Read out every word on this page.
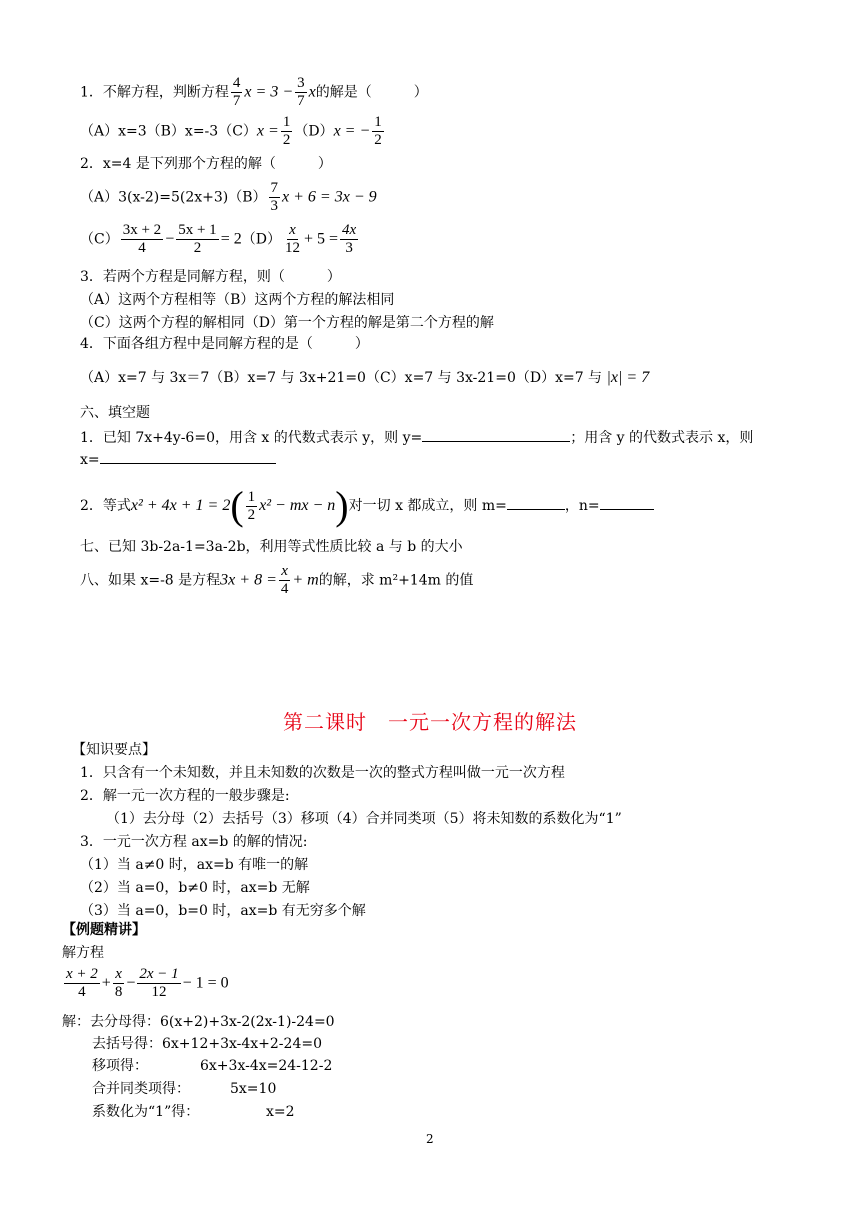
1．不解方程，判断方程 $\frac{4}{7}$ $x = 3 - \frac{3}{7}$ x的解是（　　　）
$(A)x=3(B)x=-3(C)x = \frac{1}{2} (D)x$ = − $\frac{1}{2}$
2．x=4 是下列那个方程的解（　　　）
$(A)3(x-2)=5(2x+3)(B) \frac{7}{3}$ x + 6 = 3x − 9
$(C) \frac{3x + 2}{4} - \frac{5x + 1}{2} = 2(D) \frac{x}{12} + 5 = \frac{4x}{3}$
3．若两个方程是同解方程，则（　　　）
（A）这两个方程相等（B）这两个方程的解法相同
（C）这两个方程的解相同（D）第一个方程的解是第二个方程的解
4．下面各组方程中是同解方程的是（　　　）
（A）x=7 与 3x＝7（B）x=7 与 3x+21=0（C）x=7 与 3x-21=0（D）x=7 与 |x| = 7
六、填空题
1．已知 7x+4y-6=0，用含 x 的代数式表示 y，则 y=	；用含 y 的代数式表示 x，则
x=
2．等式$x^2 + 4x + 1 = 2( \frac{1}{2} x^2$ − mx − n)对一切 x 都成立，则 m=	，n=
七、已知 3b-2a-1=3a-2b，利用等式性质比较 a 与 b 的大小
八、如果 x=-8 是方程$3x + 8 = \frac{x}{4} + m$的解，求 m²+14m 的值
第二课时　一元一次方程的解法
【知识要点】
1．只含有一个未知数，并且未知数的次数是一次的整式方程叫做一元一次方程
2．解一元一次方程的一般步骤是:
（1）去分母（2）去括号（3）移项（4）合并同类项（5）将未知数的系数化为“1”
3．一元一次方程 ax=b 的解的情况:
（1）当 a≠0 时，ax=b 有唯一的解
（2）当 a=0，b≠0 时，ax=b 无解
（3）当 a=0，b=0 时，ax=b 有无穷多个解
【例题精讲】
解方程
$\frac{x + 2}{4} + \frac{x}{8} - \frac{2x - 1}{12} - 1 = 0$
解：去分母得：6(x+2)+3x-2(2x-1)-24=0
去括号得：6x+12+3x-4x+2-24=0
移项得：	6x+3x-4x=24-12-2
合并同类项得：	5x=10
系数化为“1”得：	x=2
2
